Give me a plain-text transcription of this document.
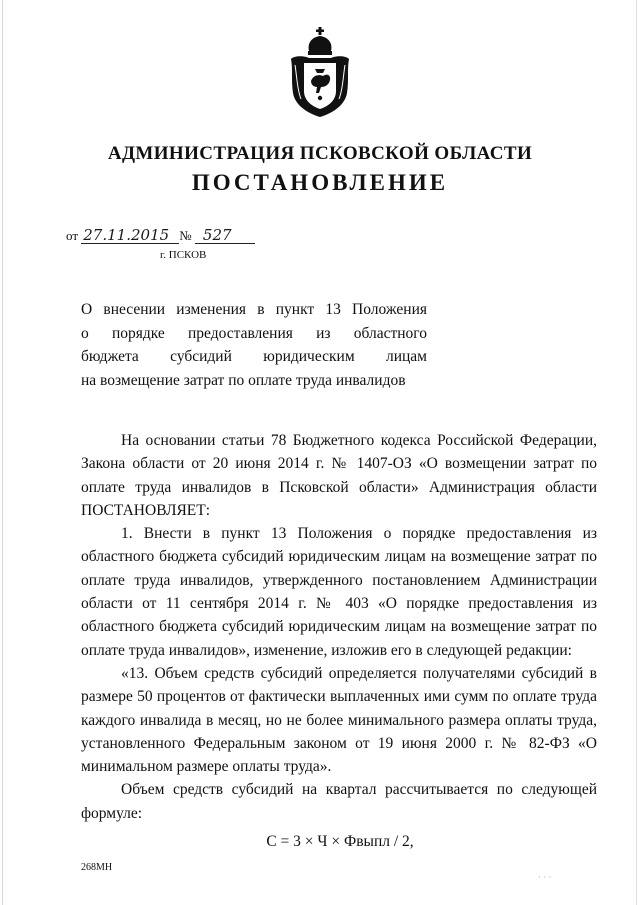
АДМИНИСТРАЦИЯ ПСКОВСКОЙ ОБЛАСТИ
ПОСТАНОВЛЕНИЕ
от 27.11.2015 № 527
г. ПСКОВ
О внесении изменения в пункт 13 Положения
о порядке предоставления из областного
бюджета субсидий юридическим лицам
на возмещение затрат по оплате труда инвалидов

На основании статьи 78 Бюджетного кодекса Российской Федерации, Закона области от 20 июня 2014 г. № 1407-ОЗ «О возмещении затрат по оплате труда инвалидов в Псковской области» Администрация области ПОСТАНОВЛЯЕТ:

1. Внести в пункт 13 Положения о порядке предоставления из областного бюджета субсидий юридическим лицам на возмещение затрат по оплате труда инвалидов, утвержденного постановлением Администрации области от 11 сентября 2014 г. № 403 «О порядке предоставления из областного бюджета субсидий юридическим лицам на возмещение затрат по оплате труда инвалидов», изменение, изложив его в следующей редакции:

«13. Объем средств субсидий определяется получателями субсидий в размере 50 процентов от фактически выплаченных ими сумм по оплате труда каждого инвалида в месяц, но не более минимального размера оплаты труда, установленного Федеральным законом от 19 июня 2000 г. № 82-ФЗ «О минимальном размере оплаты труда».

Объем средств субсидий на квартал рассчитывается по следующей формуле:

С = 3 × Ч × Фвыпл / 2,
268МН
· · ·
